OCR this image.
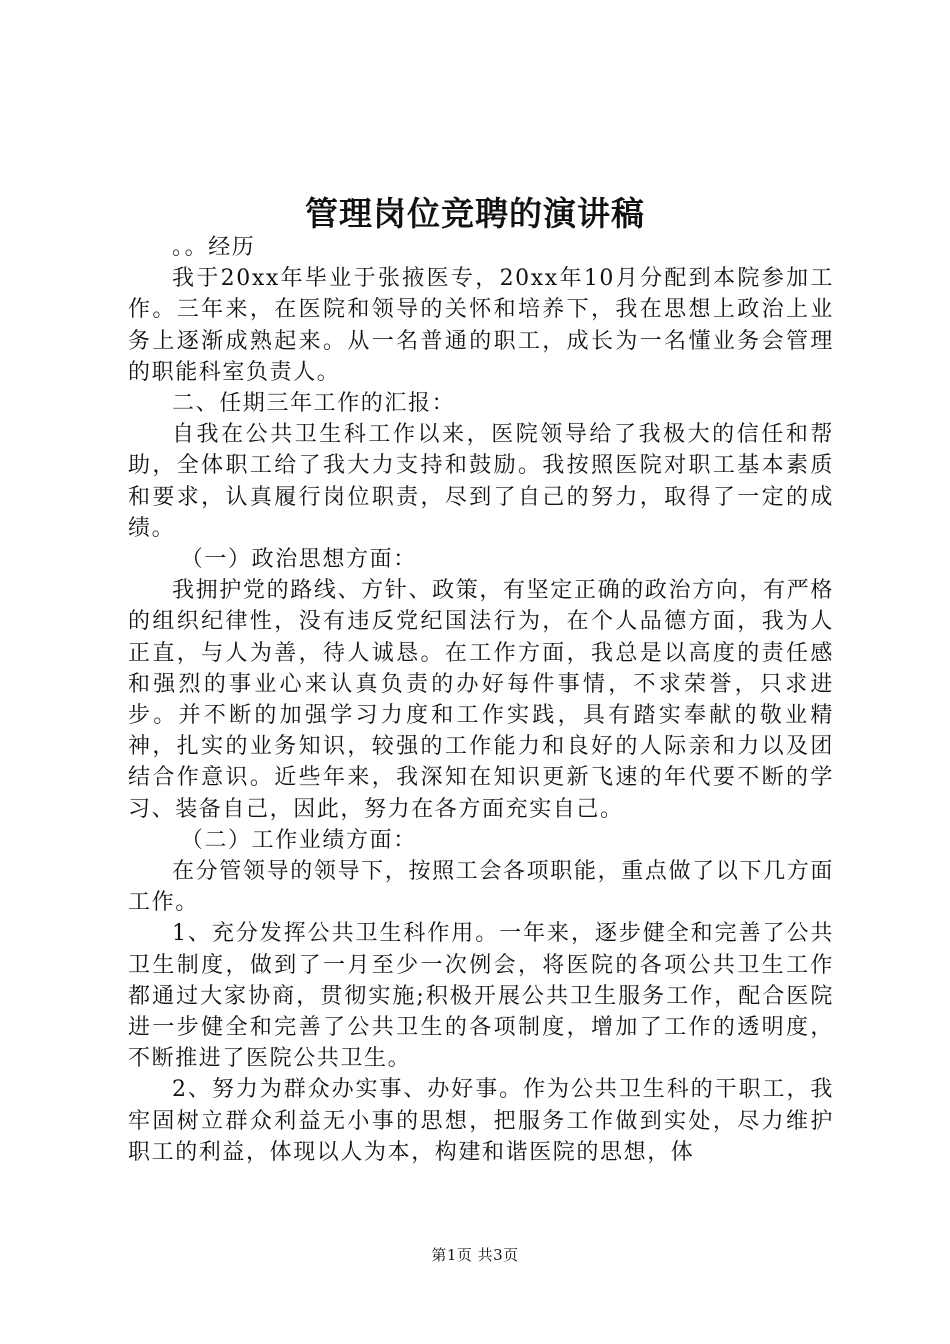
管理岗位竞聘的演讲稿

。。经历

我于20xx年毕业于张掖医专，20xx年10月分配到本院参加工作。三年来，在医院和领导的关怀和培养下，我在思想上政治上业务上逐渐成熟起来。从一名普通的职工，成长为一名懂业务会管理的职能科室负责人。

二、任期三年工作的汇报：

自我在公共卫生科工作以来，医院领导给了我极大的信任和帮助，全体职工给了我大力支持和鼓励。我按照医院对职工基本素质和要求，认真履行岗位职责，尽到了自己的努力，取得了一定的成绩。

（一）政治思想方面：

我拥护党的路线、方针、政策，有坚定正确的政治方向，有严格的组织纪律性，没有违反党纪国法行为，在个人品德方面，我为人正直，与人为善，待人诚恳。在工作方面，我总是以高度的责任感和强烈的事业心来认真负责的办好每件事情，不求荣誉，只求进步。并不断的加强学习力度和工作实践，具有踏实奉献的敬业精神，扎实的业务知识，较强的工作能力和良好的人际亲和力以及团结合作意识。近些年来，我深知在知识更新飞速的年代要不断的学习、装备自己，因此，努力在各方面充实自己。

（二）工作业绩方面：

在分管领导的领导下，按照工会各项职能，重点做了以下几方面工作。

1、充分发挥公共卫生科作用。一年来，逐步健全和完善了公共卫生制度，做到了一月至少一次例会，将医院的各项公共卫生工作都通过大家协商，贯彻实施;积极开展公共卫生服务工作，配合医院进一步健全和完善了公共卫生的各项制度，增加了工作的透明度，不断推进了医院公共卫生。

2、努力为群众办实事、办好事。作为公共卫生科的干职工，我牢固树立群众利益无小事的思想，把服务工作做到实处，尽力维护职工的利益，体现以人为本，构建和谐医院的思想，体

第1页 共3页
